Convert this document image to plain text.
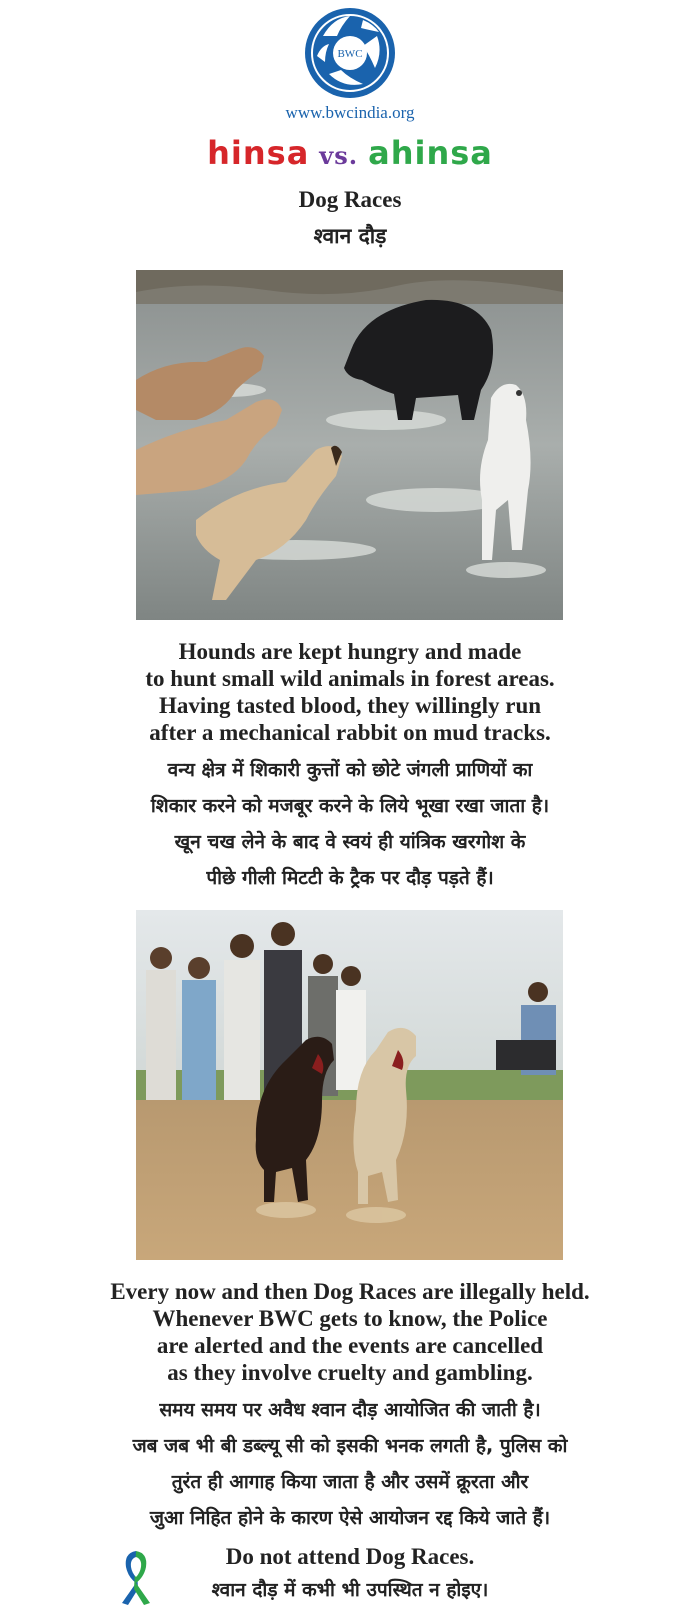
BWC
www.bwcindia.org
hinsa vs. ahinsa
Dog Races
श्वान दौड़
Hounds are kept hungry and made
to hunt small wild animals in forest areas.
Having tasted blood, they willingly run
after a mechanical rabbit on mud tracks.
वन्य क्षेत्र में शिकारी कुत्तों को छोटे जंगली प्राणियों का
शिकार करने को मजबूर करने के लिये भूखा रखा जाता है।
खून चख लेने के बाद वे स्वयं ही यांत्रिक खरगोश के
पीछे गीली मिटटी के ट्रैक पर दौड़ पड़ते हैं।
Every now and then Dog Races are illegally held.
Whenever BWC gets to know, the Police
are alerted and the events are cancelled
as they involve cruelty and gambling.
समय समय पर अवैध श्वान दौड़ आयोजित की जाती है।
जब जब भी बी डब्ल्यू सी को इसकी भनक लगती है, पुलिस को
तुरंत ही आगाह किया जाता है और उसमें क्रूरता और
जुआ निहित होने के कारण ऐसे आयोजन रद्द किये जाते हैं।
Do not attend Dog Races.
श्वान दौड़ में कभी भी उपस्थित न होइए।
